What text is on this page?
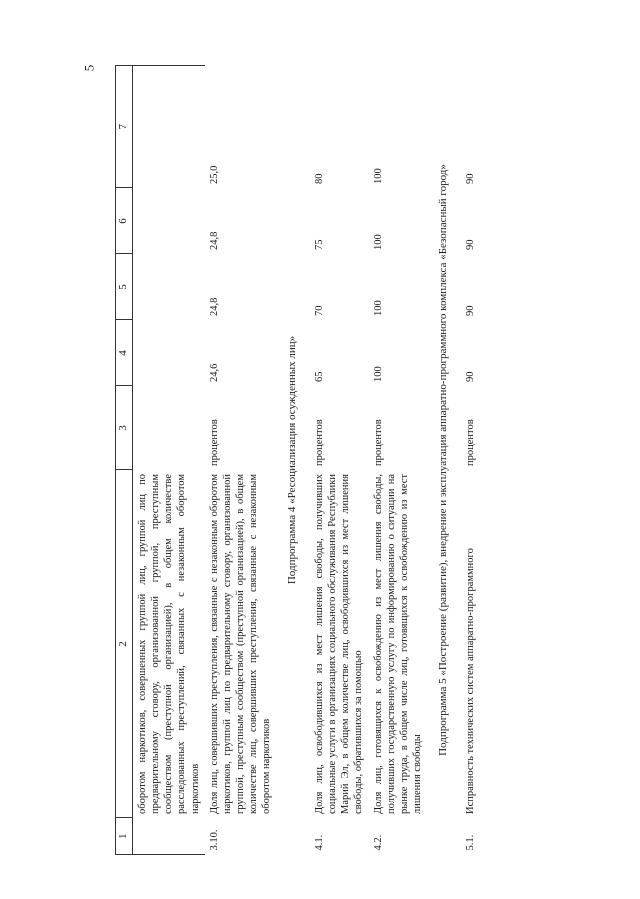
5
1	2	3	4	5	6	7
	оборотом наркотиков, совершенных группой лиц, группой лиц по предварительному сговору, организованной группой, преступным сообществом (преступной организацией), в общем количестве расследованных преступлений, связанных с незаконным оборотом наркотиков					
3.10.	Доля лиц, совершивших преступления, связанные с незаконным оборотом наркотиков, группой лиц по предварительному сговору, организованной группой, преступным сообществом (преступной организацией), в общем количестве лиц, совершивших преступления, связанные с незаконным оборотом наркотиков	процентов	24,6	24,8	24,8	25,0
Подпрограмма 4 «Ресоциализация осужденных лиц»						
4.1.	Доля лиц, освободившихся из мест лишения свободы, получивших социальные услуги в организациях социального обслуживания Республики Марий Эл, в общем количестве лиц, освободившихся из мест лишения свободы, обратившихся за помощью	процентов	65	70	75	80
4.2.	Доля лиц, готовящихся к освобождению из мест лишения свободы, получивших государственную услугу по информированию о ситуации на рынке труда, в общем числе лиц, готовящихся к освобождению из мест лишения свободы	процентов	100	100	100	100
Подпрограмма 5 «Построение (развитие), внедрение и эксплуатация аппаратно-программного комплекса «Безопасный город»						
5.1.	Исправность технических систем аппаратно-программного	процентов	90	90	90	90
